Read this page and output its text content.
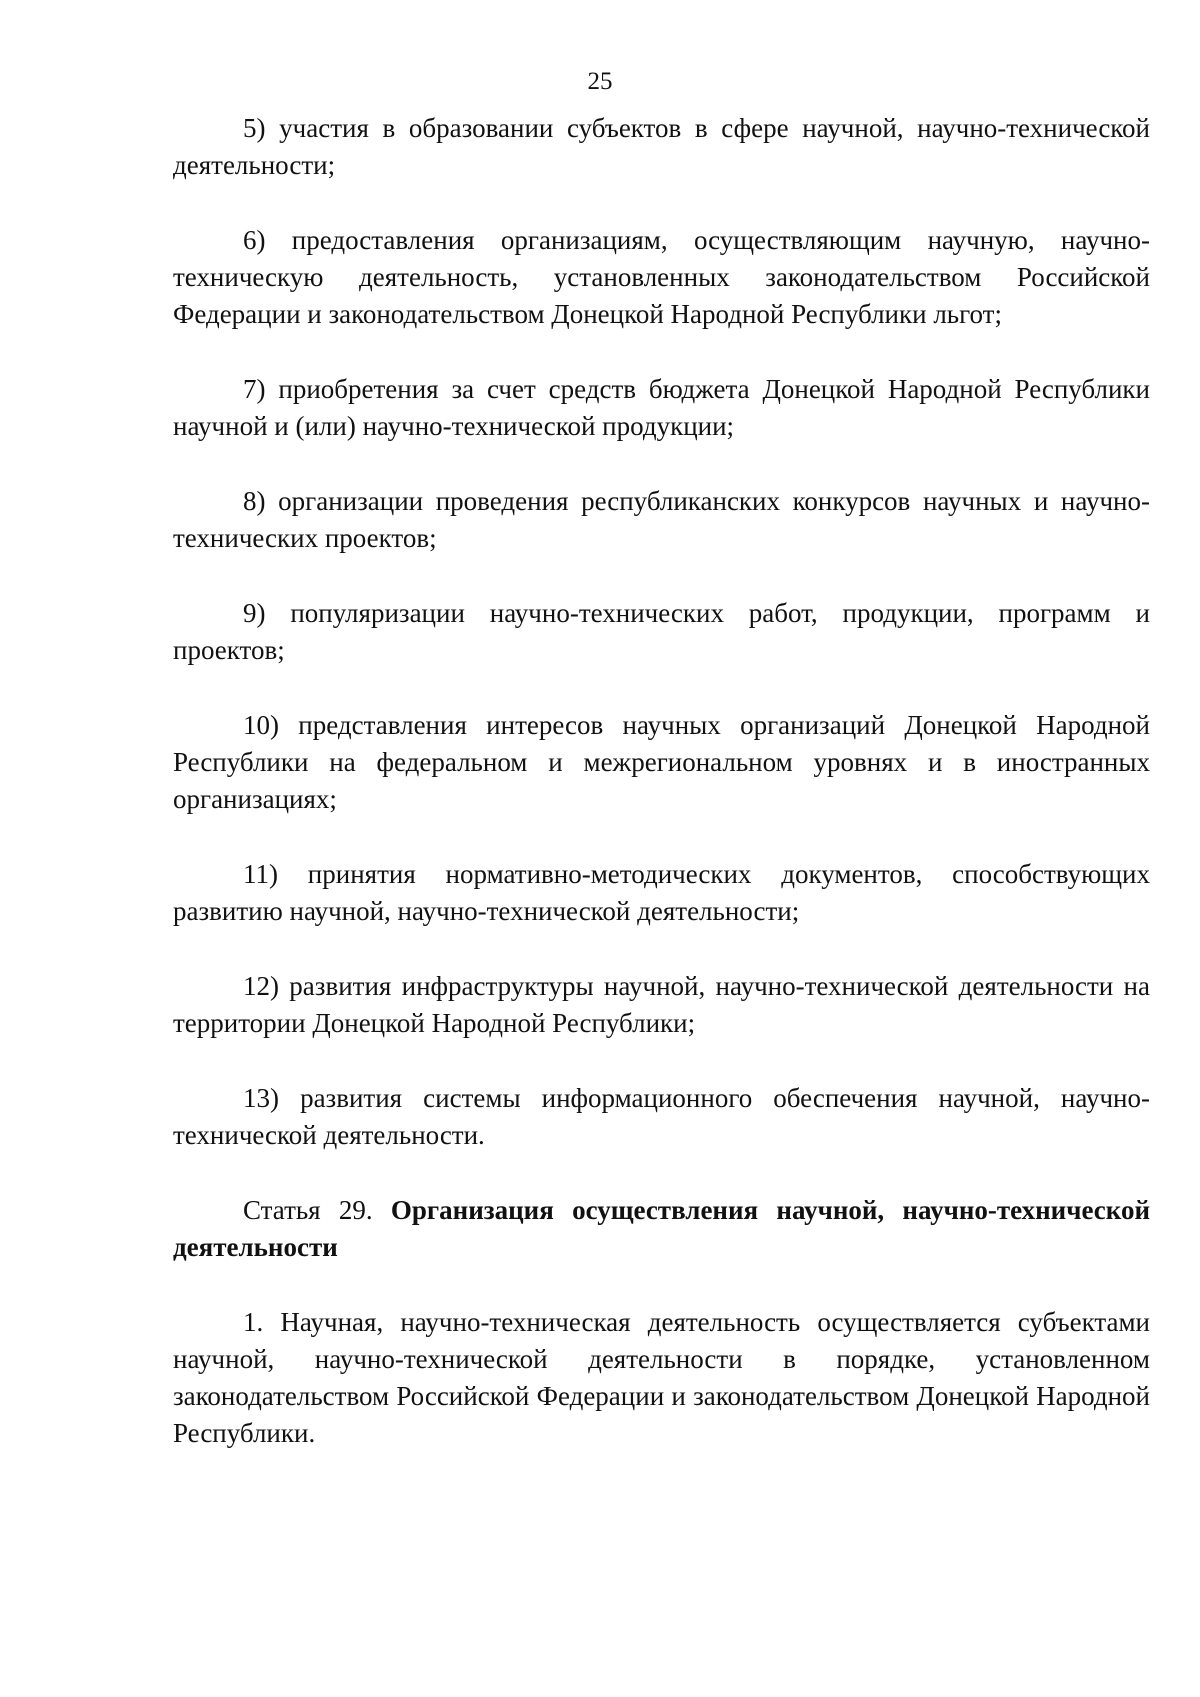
25

5) участия в образовании субъектов в сфере научной, научно-технической деятельности;

6) предоставления организациям, осуществляющим научную, научно-техническую деятельность, установленных законодательством Российской Федерации и законодательством Донецкой Народной Республики льгот;

7) приобретения за счет средств бюджета Донецкой Народной Республики научной и (или) научно-технической продукции;

8) организации проведения республиканских конкурсов научных и научно-технических проектов;

9) популяризации научно-технических работ, продукции, программ и проектов;

10) представления интересов научных организаций Донецкой Народной Республики на федеральном и межрегиональном уровнях и в иностранных организациях;

11) принятия нормативно-методических документов, способствующих развитию научной, научно-технической деятельности;

12) развития инфраструктуры научной, научно-технической деятельности на территории Донецкой Народной Республики;

13) развития системы информационного обеспечения научной, научно-технической деятельности.

Статья 29. Организация осуществления научной, научно-технической деятельности

1. Научная, научно-техническая деятельность осуществляется субъектами научной, научно-технической деятельности в порядке, установленном законодательством Российской Федерации и законодательством Донецкой Народной Республики.
